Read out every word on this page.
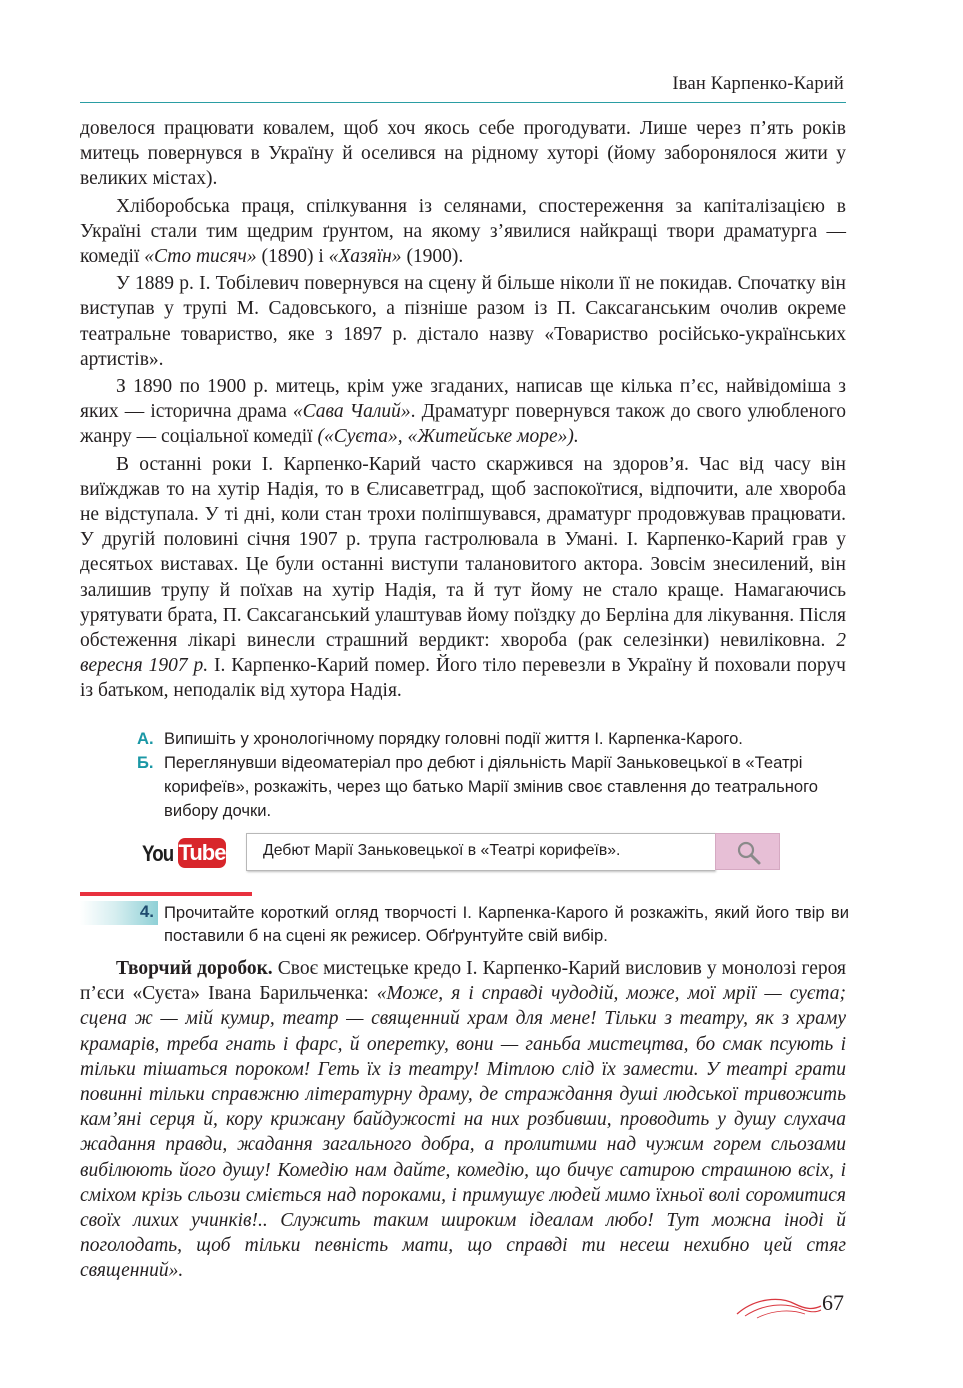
Іван Карпенко-Карий

довелося працювати ковалем, щоб хоч якось себе прогодувати. Лише через п’ять років митець повернувся в Україну й оселився на рідному хуторі (йому заборонялося жити у великих містах).

Хліборобська праця, спілкування із селянами, спостереження за капіталізацією в Україні стали тим щедрим ґрунтом, на якому з’явилися найкращі твори драматурга — комедії «Сто тисяч» (1890) і «Хазяїн» (1900).

У 1889 р. І. Тобілевич повернувся на сцену й більше ніколи її не покидав. Спочатку він виступав у трупі М. Садовського, а пізніше разом із П. Саксаганським очолив окреме театральне товариство, яке з 1897 р. дістало назву «Товариство російсько-українських артистів».

З 1890 по 1900 р. митець, крім уже згаданих, написав ще кілька п’єс, найвідоміша з яких — історична драма «Сава Чалий». Драматург повернувся також до свого улюбленого жанру — соціальної комедії («Суєта», «Житейське море»).

В останні роки І. Карпенко-Карий часто скаржився на здоров’я. Час від часу він виїжджав то на хутір Надія, то в Єлисаветград, щоб заспокоїтися, відпочити, але хвороба не відступала. У ті дні, коли стан трохи поліпшувався, драматург продовжував працювати. У другій половині січня 1907 р. трупа гастролювала в Умані. І. Карпенко-Карий грав у десятьох виставах. Це були останні виступи талановитого актора. Зовсім знесилений, він залишив трупу й поїхав на хутір Надія, та й тут йому не стало краще. Намагаючись урятувати брата, П. Саксаганський улаштував йому поїздку до Берліна для лікування. Після обстеження лікарі винесли страшний вердикт: хвороба (рак селезінки) невиліковна. 2 вересня 1907 р. І. Карпенко-Карий помер. Його тіло перевезли в Україну й поховали поруч із батьком, неподалік від хутора Надія.

А. Випишіть у хронологічному порядку головні події життя І. Карпенка-Карого.
Б. Переглянувши відеоматеріал про дебют і діяльність Марії Заньковецької в «Театрі корифеїв», розкажіть, через що батько Марії змінив своє ставлення до театрального вибору дочки.
You Tube Дебют Марії Заньковецької в «Театрі корифеїв».
4. Прочитайте короткий огляд творчості І. Карпенка-Карого й розкажіть, який його твір ви поставили б на сцені як режисер. Обґрунтуйте свій вибір.

Творчий доробок. Своє мистецьке кредо І. Карпенко-Карий висловив у монолозі героя п’єси «Суєта» Івана Барильченка: «Може, я і справді чудодій, може, мої мрії — суєта; сцена ж — мій кумир, театр — священний храм для мене! Тільки з театру, як з храму крамарів, треба гнать і фарс, й оперетку, вони — ганьба мистецтва, бо смак псують і тільки тішаться пороком! Геть їх із театру! Мітлою слід їх замести. У театрі грати повинні тільки справжню літературну драму, де страждання душі людської тривожить кам’яні серця й, кору крижану байдужості на них розбивши, проводить у душу слухача жадання правди, жадання загального добра, а пролитими над чужим горем сльозами вибілюють його душу! Комедію нам дайте, комедію, що бичує сатирою страшною всіх, і сміхом крізь сльози сміється над пороками, і примушує людей мимо їхньої волі соромитися своїх лихих учинків!.. Служить таким широким ідеалам любо! Тут можна іноді й поголодать, щоб тільки певність мати, що справді ти несеш нехибно цей стяг священний».

67
